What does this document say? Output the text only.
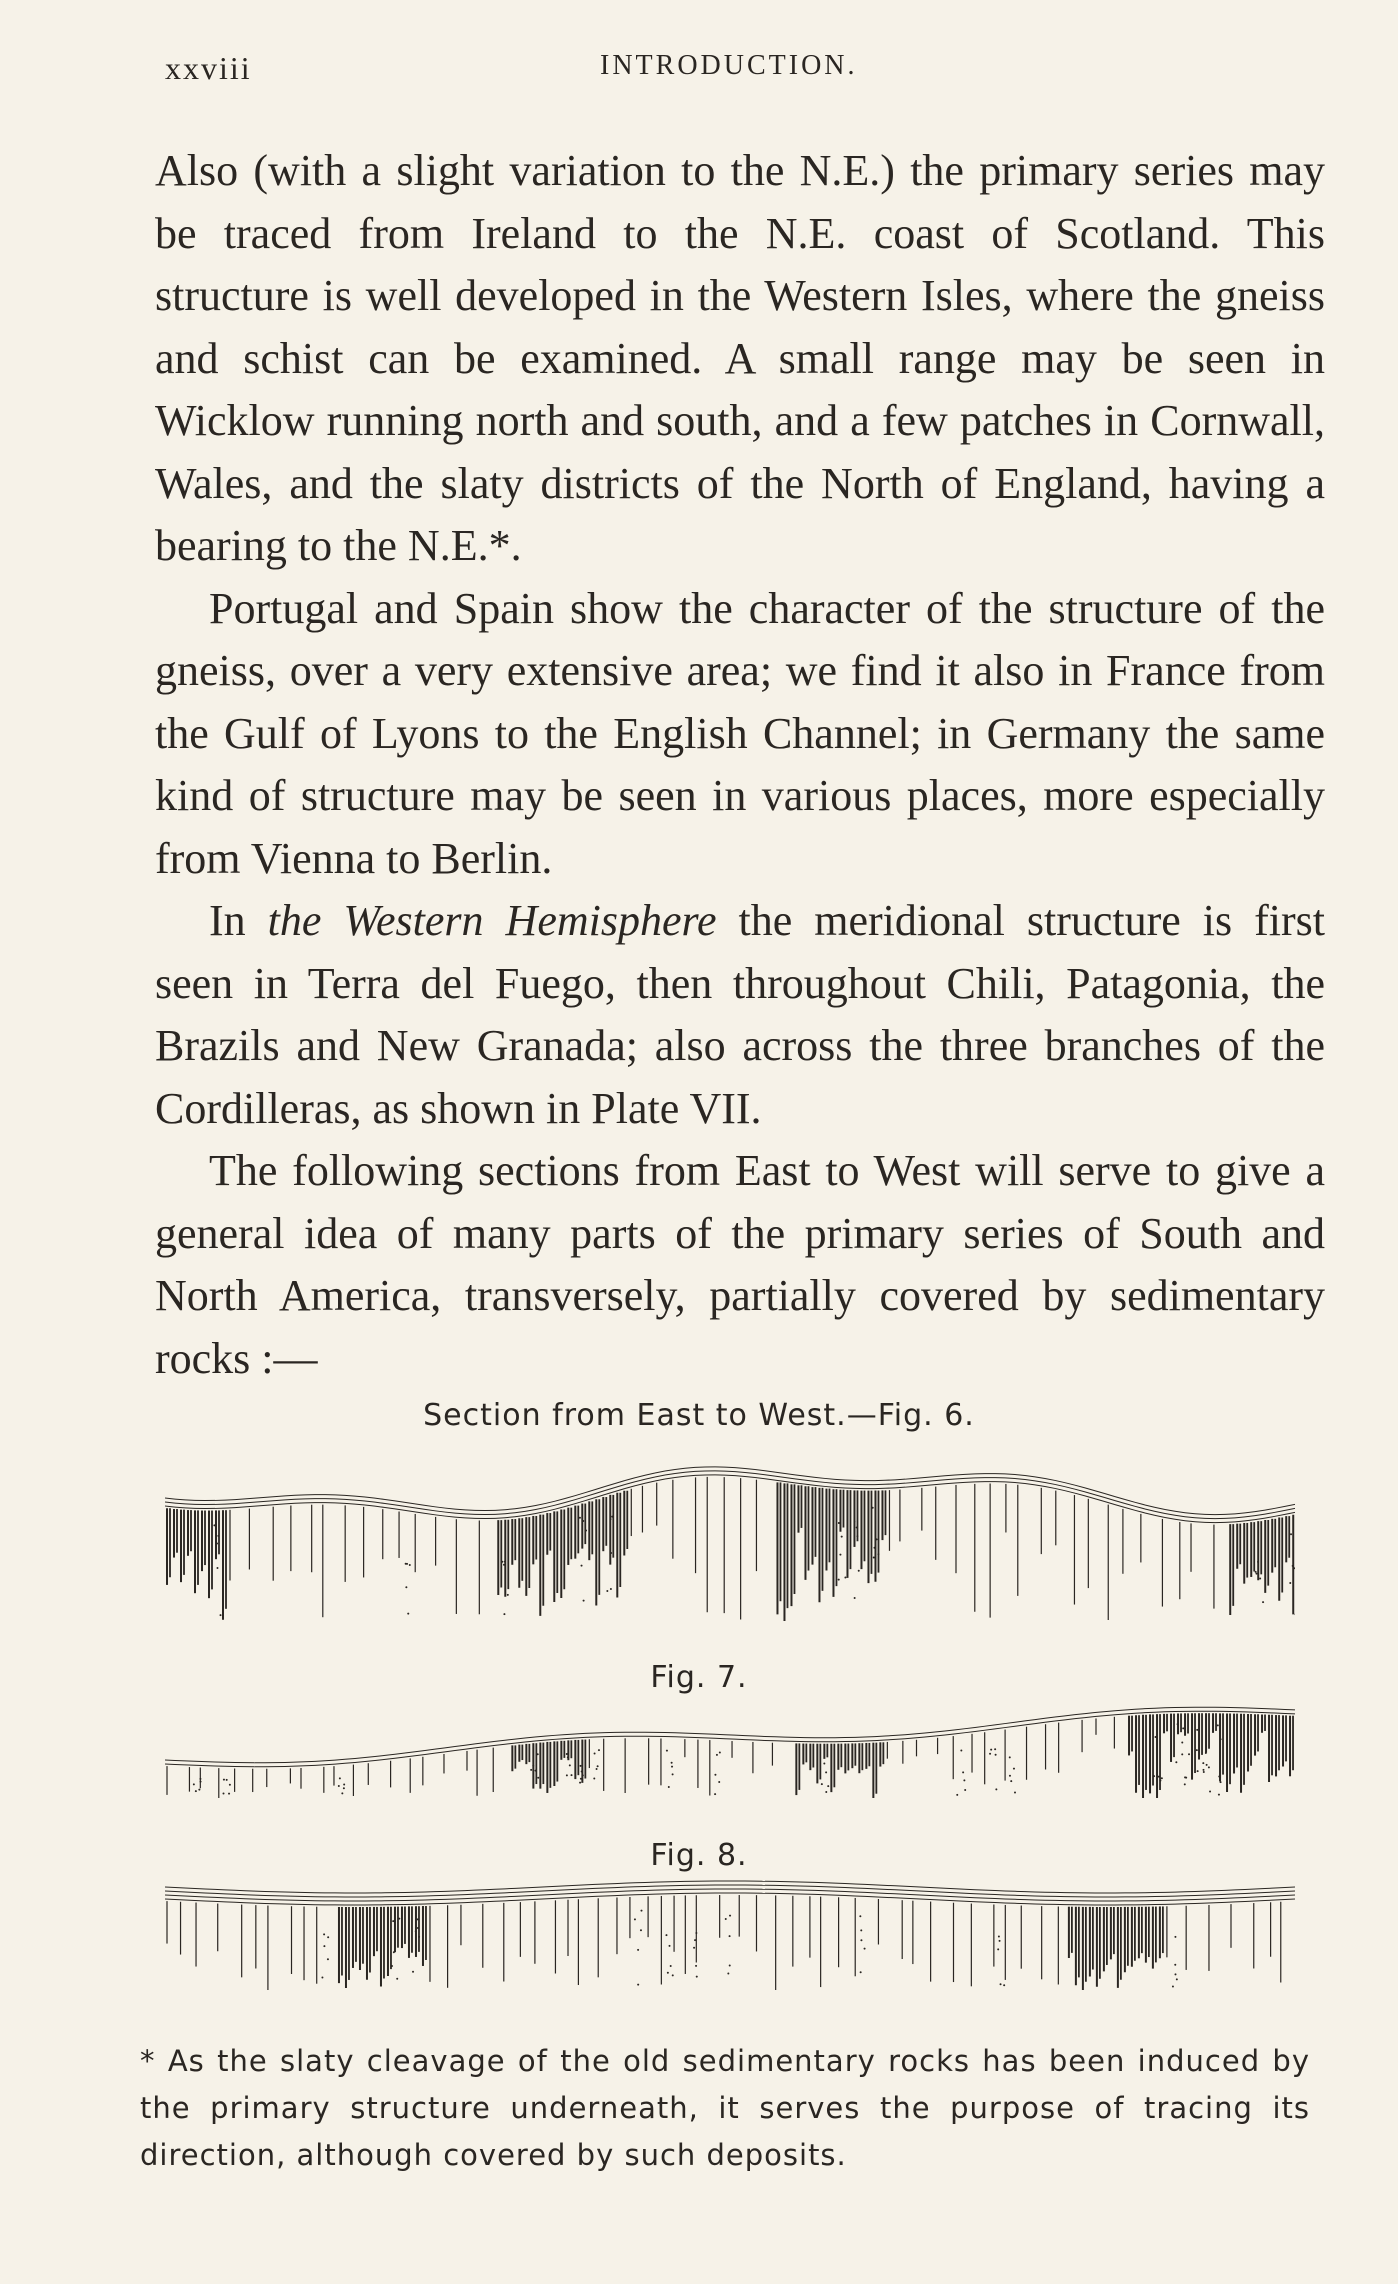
xxviii	INTRODUCTION.

Also (with a slight variation to the N.E.) the primary series may be traced from Ireland to the N.E. coast of Scotland. This structure is well developed in the Western Isles, where the gneiss and schist can be examined. A small range may be seen in Wicklow running north and south, and a few patches in Cornwall, Wales, and the slaty districts of the North of England, having a bearing to the N.E.*.

Portugal and Spain show the character of the structure of the gneiss, over a very extensive area; we find it also in France from the Gulf of Lyons to the English Channel; in Germany the same kind of structure may be seen in various places, more especially from Vienna to Berlin.

In the Western Hemisphere the meridional structure is first seen in Terra del Fuego, then throughout Chili, Patagonia, the Brazils and New Granada; also across the three branches of the Cordilleras, as shown in Plate VII.

The following sections from East to West will serve to give a general idea of many parts of the primary series of South and North America, transversely, partially covered by sedimentary rocks :—

Section from East to West.—Fig. 6.
Fig. 7.
Fig. 8.
* As the slaty cleavage of the old sedimentary rocks has been induced by the primary structure underneath, it serves the purpose of tracing its direction, although covered by such deposits.
